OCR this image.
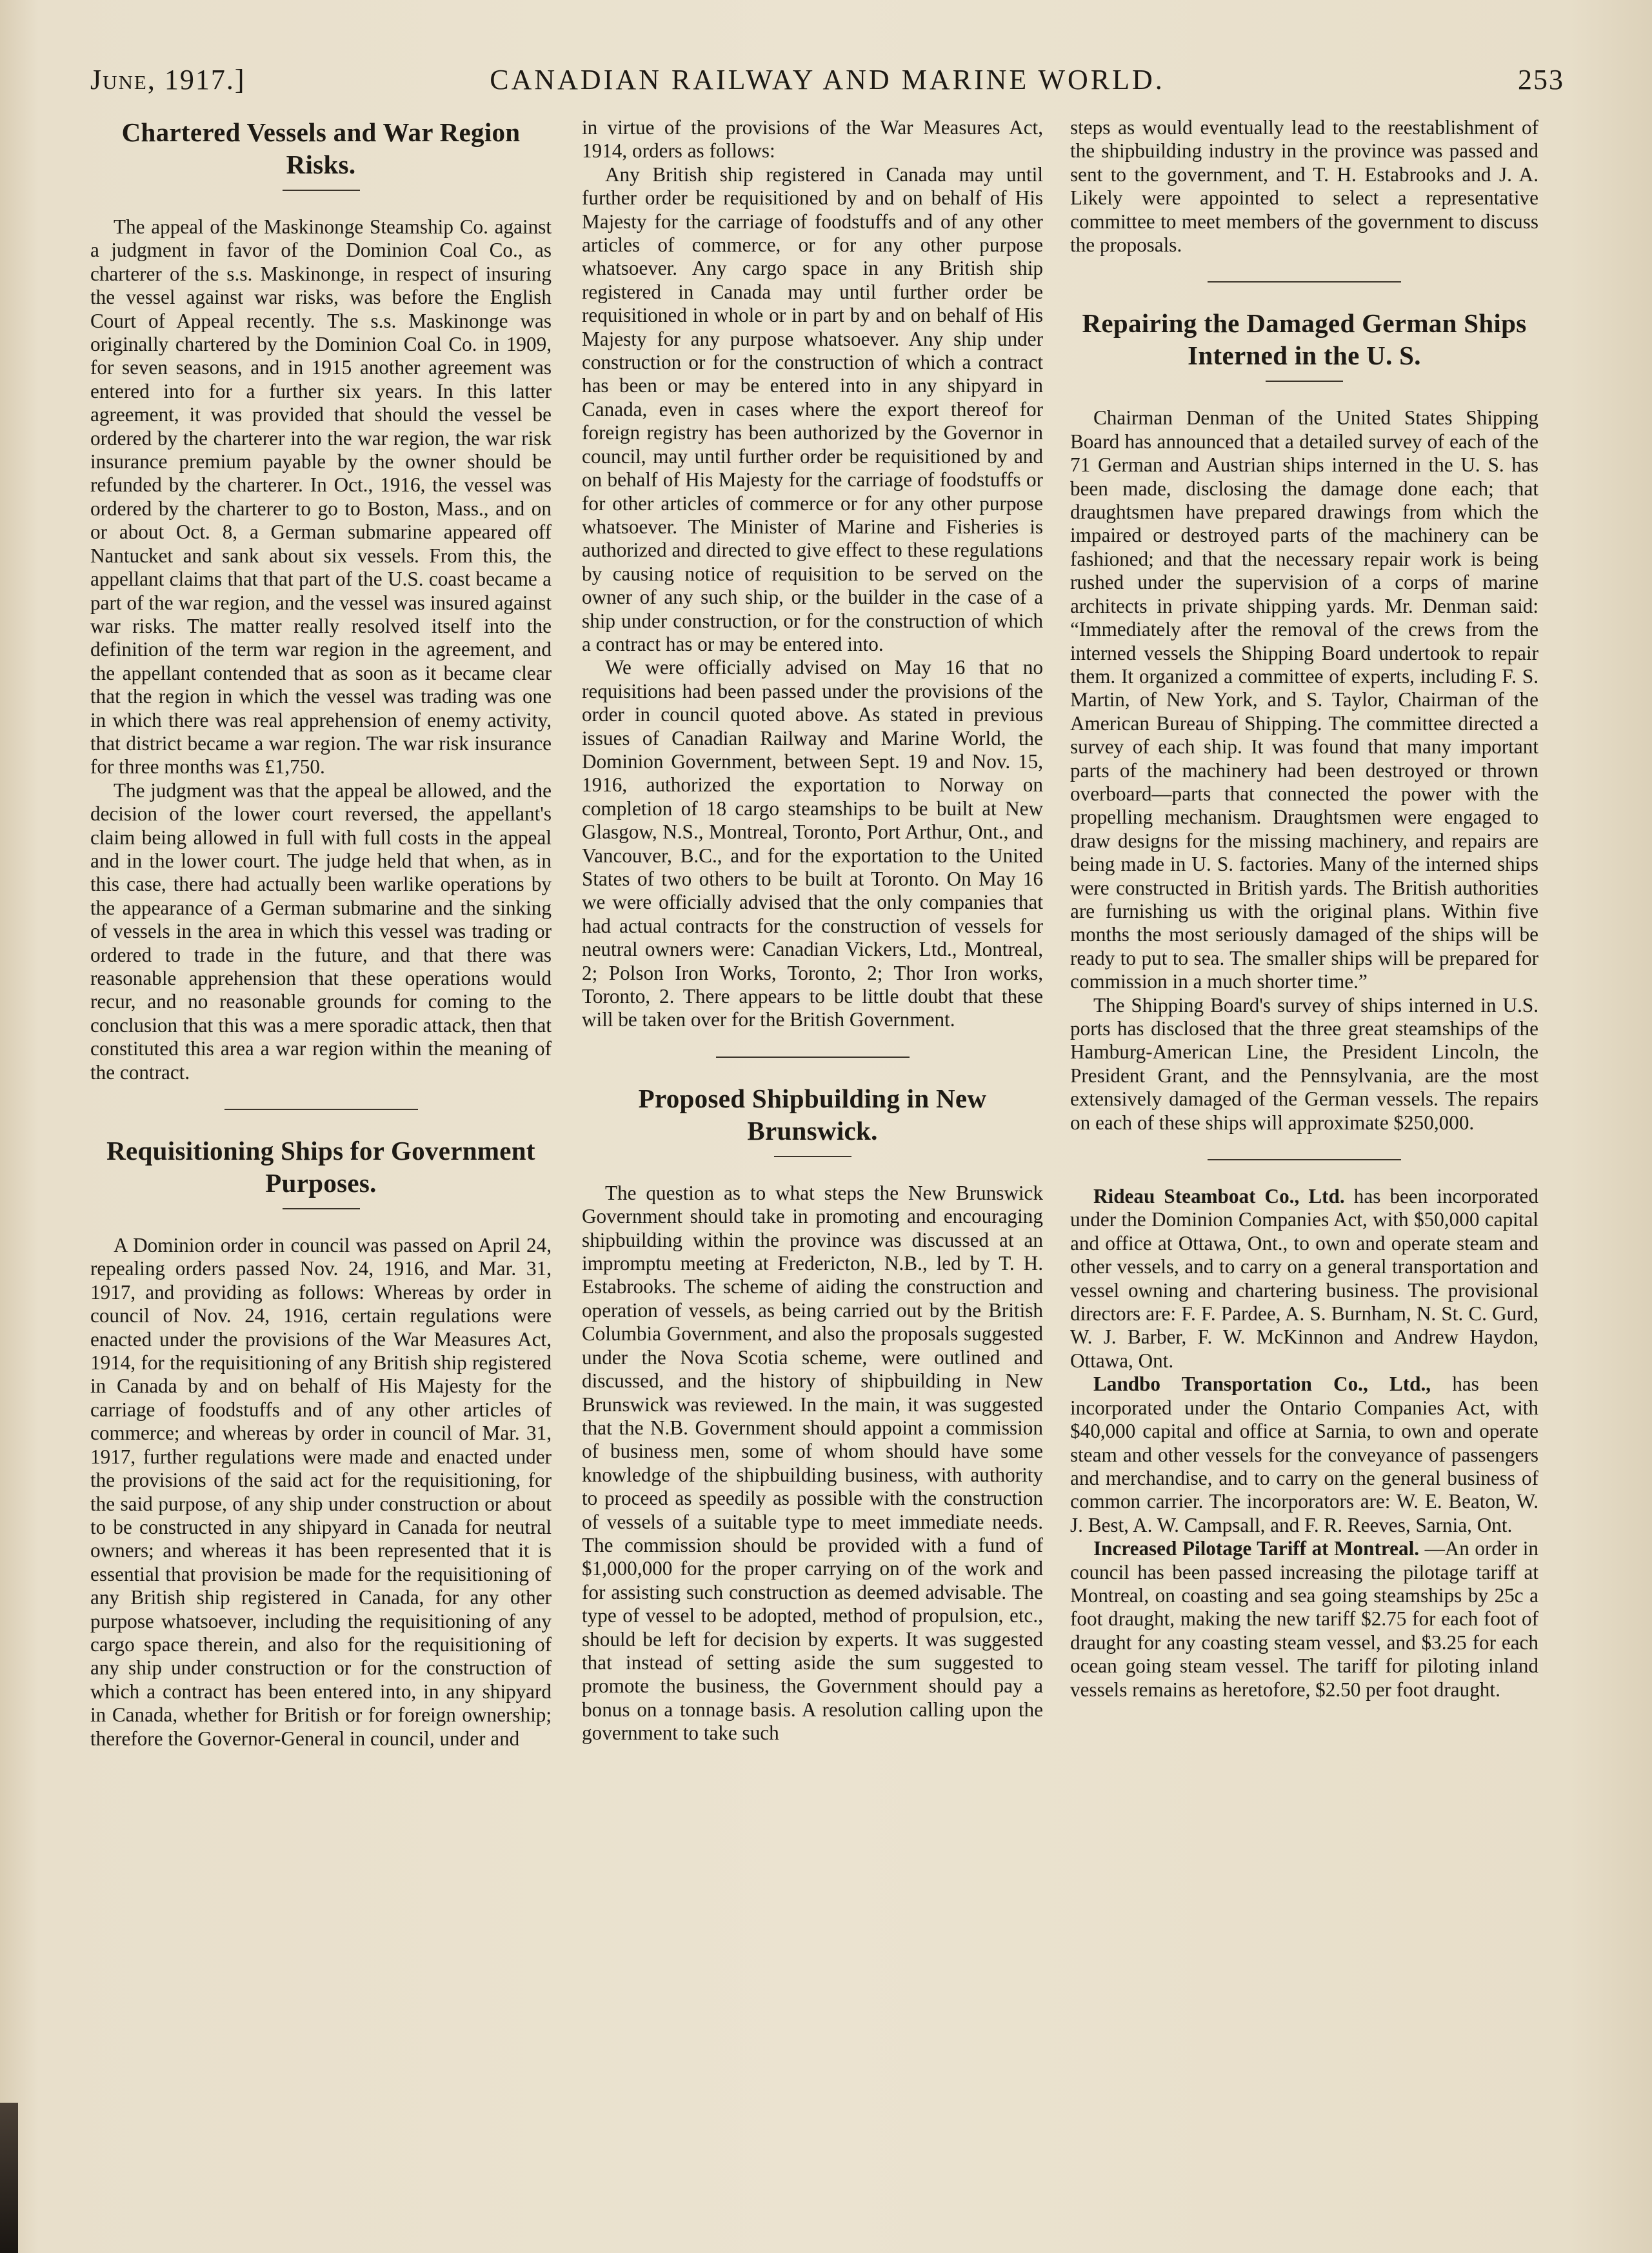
June, 1917.]	CANADIAN RAILWAY AND MARINE WORLD.	253
Chartered Vessels and War Region Risks.

The appeal of the Maskinonge Steamship Co. against a judgment in favor of the Dominion Coal Co., as charterer of the s.s. Maskinonge, in respect of insuring the vessel against war risks, was before the English Court of Appeal recently. The s.s. Maskinonge was originally chartered by the Dominion Coal Co. in 1909, for seven seasons, and in 1915 another agreement was entered into for a further six years. In this latter agreement, it was provided that should the vessel be ordered by the charterer into the war region, the war risk insurance premium payable by the owner should be refunded by the charterer. In Oct., 1916, the vessel was ordered by the charterer to go to Boston, Mass., and on or about Oct. 8, a German submarine appeared off Nantucket and sank about six vessels. From this, the appellant claims that that part of the U.S. coast became a part of the war region, and the vessel was insured against war risks. The matter really resolved itself into the definition of the term war region in the agreement, and the appellant contended that as soon as it became clear that the region in which the vessel was trading was one in which there was real apprehension of enemy activity, that district became a war region. The war risk insurance for three months was £1,750.

The judgment was that the appeal be allowed, and the decision of the lower court reversed, the appellant's claim being allowed in full with full costs in the appeal and in the lower court. The judge held that when, as in this case, there had actually been warlike operations by the appearance of a German submarine and the sinking of vessels in the area in which this vessel was trading or ordered to trade in the future, and that there was reasonable apprehension that these operations would recur, and no reasonable grounds for coming to the conclusion that this was a mere sporadic attack, then that constituted this area a war region within the meaning of the contract.

Requisitioning Ships for Government Purposes.

A Dominion order in council was passed on April 24, repealing orders passed Nov. 24, 1916, and Mar. 31, 1917, and providing as follows: Whereas by order in council of Nov. 24, 1916, certain regulations were enacted under the provisions of the War Measures Act, 1914, for the requisitioning of any British ship registered in Canada by and on behalf of His Majesty for the carriage of foodstuffs and of any other articles of commerce; and whereas by order in council of Mar. 31, 1917, further regulations were made and enacted under the provisions of the said act for the requisitioning, for the said purpose, of any ship under construction or about to be constructed in any shipyard in Canada for neutral owners; and whereas it has been represented that it is essential that provision be made for the requisitioning of any British ship registered in Canada, for any other purpose whatsoever, including the requisitioning of any cargo space therein, and also for the requisitioning of any ship under construction or for the construction of which a contract has been entered into, in any shipyard in Canada, whether for British or for foreign ownership; therefore the Governor-General in council, under and

in virtue of the provisions of the War Measures Act, 1914, orders as follows:

Any British ship registered in Canada may until further order be requisitioned by and on behalf of His Majesty for the carriage of foodstuffs and of any other articles of commerce, or for any other purpose whatsoever. Any cargo space in any British ship registered in Canada may until further order be requisitioned in whole or in part by and on behalf of His Majesty for any purpose whatsoever. Any ship under construction or for the construction of which a contract has been or may be entered into in any shipyard in Canada, even in cases where the export thereof for foreign registry has been authorized by the Governor in council, may until further order be requisitioned by and on behalf of His Majesty for the carriage of foodstuffs or for other articles of commerce or for any other purpose whatsoever. The Minister of Marine and Fisheries is authorized and directed to give effect to these regulations by causing notice of requisition to be served on the owner of any such ship, or the builder in the case of a ship under construction, or for the construction of which a contract has or may be entered into.

We were officially advised on May 16 that no requisitions had been passed under the provisions of the order in council quoted above. As stated in previous issues of Canadian Railway and Marine World, the Dominion Government, between Sept. 19 and Nov. 15, 1916, authorized the exportation to Norway on completion of 18 cargo steamships to be built at New Glasgow, N.S., Montreal, Toronto, Port Arthur, Ont., and Vancouver, B.C., and for the exportation to the United States of two others to be built at Toronto. On May 16 we were officially advised that the only companies that had actual contracts for the construction of vessels for neutral owners were: Canadian Vickers, Ltd., Montreal, 2; Polson Iron Works, Toronto, 2; Thor Iron works, Toronto, 2. There appears to be little doubt that these will be taken over for the British Government.

Proposed Shipbuilding in New Brunswick.

The question as to what steps the New Brunswick Government should take in promoting and encouraging shipbuilding within the province was discussed at an impromptu meeting at Fredericton, N.B., led by T. H. Estabrooks. The scheme of aiding the construction and operation of vessels, as being carried out by the British Columbia Government, and also the proposals suggested under the Nova Scotia scheme, were outlined and discussed, and the history of shipbuilding in New Brunswick was reviewed. In the main, it was suggested that the N.B. Government should appoint a commission of business men, some of whom should have some knowledge of the shipbuilding business, with authority to proceed as speedily as possible with the construction of vessels of a suitable type to meet immediate needs. The commission should be provided with a fund of $1,000,000 for the proper carrying on of the work and for assisting such construction as deemed advisable. The type of vessel to be adopted, method of propulsion, etc., should be left for decision by experts. It was suggested that instead of setting aside the sum suggested to promote the business, the Government should pay a bonus on a tonnage basis. A resolution calling upon the government to take such

steps as would eventually lead to the reestablishment of the shipbuilding industry in the province was passed and sent to the government, and T. H. Estabrooks and J. A. Likely were appointed to select a representative committee to meet members of the government to discuss the proposals.

Repairing the Damaged German Ships Interned in the U. S.

Chairman Denman of the United States Shipping Board has announced that a detailed survey of each of the 71 German and Austrian ships interned in the U. S. has been made, disclosing the damage done each; that draughtsmen have prepared drawings from which the impaired or destroyed parts of the machinery can be fashioned; and that the necessary repair work is being rushed under the supervision of a corps of marine architects in private shipping yards. Mr. Denman said: “Immediately after the removal of the crews from the interned vessels the Shipping Board undertook to repair them. It organized a committee of experts, including F. S. Martin, of New York, and S. Taylor, Chairman of the American Bureau of Shipping. The committee directed a survey of each ship. It was found that many important parts of the machinery had been destroyed or thrown overboard—parts that connected the power with the propelling mechanism. Draughtsmen were engaged to draw designs for the missing machinery, and repairs are being made in U. S. factories. Many of the interned ships were constructed in British yards. The British authorities are furnishing us with the original plans. Within five months the most seriously damaged of the ships will be ready to put to sea. The smaller ships will be prepared for commission in a much shorter time.”

The Shipping Board's survey of ships interned in U.S. ports has disclosed that the three great steamships of the Hamburg-American Line, the President Lincoln, the President Grant, and the Pennsylvania, are the most extensively damaged of the German vessels. The repairs on each of these ships will approximate $250,000.

Rideau Steamboat Co., Ltd. has been incorporated under the Dominion Companies Act, with $50,000 capital and office at Ottawa, Ont., to own and operate steam and other vessels, and to carry on a general transportation and vessel owning and chartering business. The provisional directors are: F. F. Pardee, A. S. Burnham, N. St. C. Gurd, W. J. Barber, F. W. McKinnon and Andrew Haydon, Ottawa, Ont.

Landbo Transportation Co., Ltd., has been incorporated under the Ontario Companies Act, with $40,000 capital and office at Sarnia, to own and operate steam and other vessels for the conveyance of passengers and merchandise, and to carry on the general business of common carrier. The incorporators are: W. E. Beaton, W. J. Best, A. W. Campsall, and F. R. Reeves, Sarnia, Ont.

Increased Pilotage Tariff at Montreal. —An order in council has been passed increasing the pilotage tariff at Montreal, on coasting and sea going steamships by 25c a foot draught, making the new tariff $2.75 for each foot of draught for any coasting steam vessel, and $3.25 for each ocean going steam vessel. The tariff for piloting inland vessels remains as heretofore, $2.50 per foot draught.
